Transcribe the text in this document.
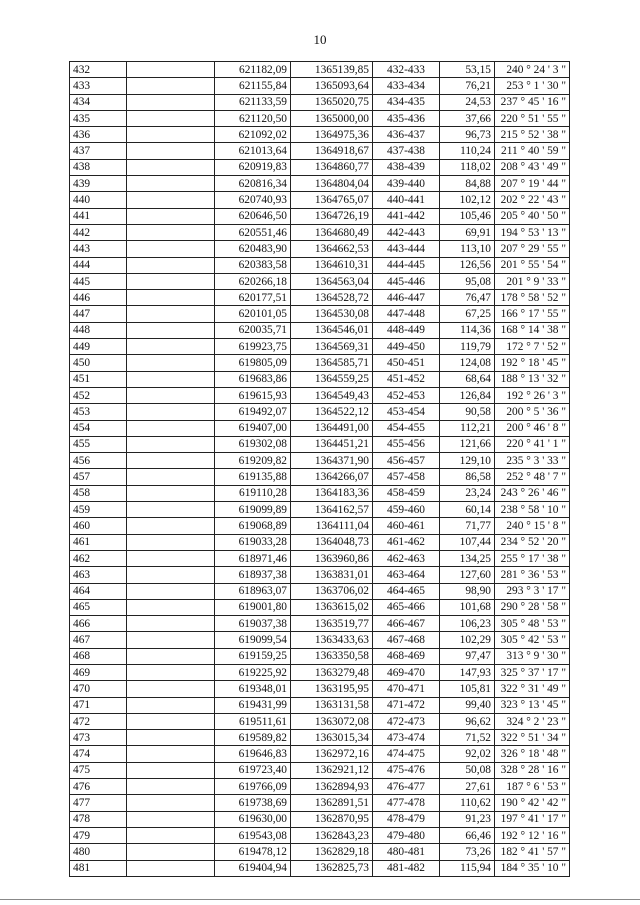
10
432		621182,09	1365139,85	432-433	53,15	240 ° 24 ' 3 "
433		621155,84	1365093,64	433-434	76,21	253 ° 1 ' 30 "
434		621133,59	1365020,75	434-435	24,53	237 ° 45 ' 16 "
435		621120,50	1365000,00	435-436	37,66	220 ° 51 ' 55 "
436		621092,02	1364975,36	436-437	96,73	215 ° 52 ' 38 "
437		621013,64	1364918,67	437-438	110,24	211 ° 40 ' 59 "
438		620919,83	1364860,77	438-439	118,02	208 ° 43 ' 49 "
439		620816,34	1364804,04	439-440	84,88	207 ° 19 ' 44 "
440		620740,93	1364765,07	440-441	102,12	202 ° 22 ' 43 "
441		620646,50	1364726,19	441-442	105,46	205 ° 40 ' 50 "
442		620551,46	1364680,49	442-443	69,91	194 ° 53 ' 13 "
443		620483,90	1364662,53	443-444	113,10	207 ° 29 ' 55 "
444		620383,58	1364610,31	444-445	126,56	201 ° 55 ' 54 "
445		620266,18	1364563,04	445-446	95,08	201 ° 9 ' 33 "
446		620177,51	1364528,72	446-447	76,47	178 ° 58 ' 52 "
447		620101,05	1364530,08	447-448	67,25	166 ° 17 ' 55 "
448		620035,71	1364546,01	448-449	114,36	168 ° 14 ' 38 "
449		619923,75	1364569,31	449-450	119,79	172 ° 7 ' 52 "
450		619805,09	1364585,71	450-451	124,08	192 ° 18 ' 45 "
451		619683,86	1364559,25	451-452	68,64	188 ° 13 ' 32 "
452		619615,93	1364549,43	452-453	126,84	192 ° 26 ' 3 "
453		619492,07	1364522,12	453-454	90,58	200 ° 5 ' 36 "
454		619407,00	1364491,00	454-455	112,21	200 ° 46 ' 8 "
455		619302,08	1364451,21	455-456	121,66	220 ° 41 ' 1 "
456		619209,82	1364371,90	456-457	129,10	235 ° 3 ' 33 "
457		619135,88	1364266,07	457-458	86,58	252 ° 48 ' 7 "
458		619110,28	1364183,36	458-459	23,24	243 ° 26 ' 46 "
459		619099,89	1364162,57	459-460	60,14	238 ° 58 ' 10 "
460		619068,89	1364111,04	460-461	71,77	240 ° 15 ' 8 "
461		619033,28	1364048,73	461-462	107,44	234 ° 52 ' 20 "
462		618971,46	1363960,86	462-463	134,25	255 ° 17 ' 38 "
463		618937,38	1363831,01	463-464	127,60	281 ° 36 ' 53 "
464		618963,07	1363706,02	464-465	98,90	293 ° 3 ' 17 "
465		619001,80	1363615,02	465-466	101,68	290 ° 28 ' 58 "
466		619037,38	1363519,77	466-467	106,23	305 ° 48 ' 53 "
467		619099,54	1363433,63	467-468	102,29	305 ° 42 ' 53 "
468		619159,25	1363350,58	468-469	97,47	313 ° 9 ' 30 "
469		619225,92	1363279,48	469-470	147,93	325 ° 37 ' 17 "
470		619348,01	1363195,95	470-471	105,81	322 ° 31 ' 49 "
471		619431,99	1363131,58	471-472	99,40	323 ° 13 ' 45 "
472		619511,61	1363072,08	472-473	96,62	324 ° 2 ' 23 "
473		619589,82	1363015,34	473-474	71,52	322 ° 51 ' 34 "
474		619646,83	1362972,16	474-475	92,02	326 ° 18 ' 48 "
475		619723,40	1362921,12	475-476	50,08	328 ° 28 ' 16 "
476		619766,09	1362894,93	476-477	27,61	187 ° 6 ' 53 "
477		619738,69	1362891,51	477-478	110,62	190 ° 42 ' 42 "
478		619630,00	1362870,95	478-479	91,23	197 ° 41 ' 17 "
479		619543,08	1362843,23	479-480	66,46	192 ° 12 ' 16 "
480		619478,12	1362829,18	480-481	73,26	182 ° 41 ' 57 "
481		619404,94	1362825,73	481-482	115,94	184 ° 35 ' 10 "
